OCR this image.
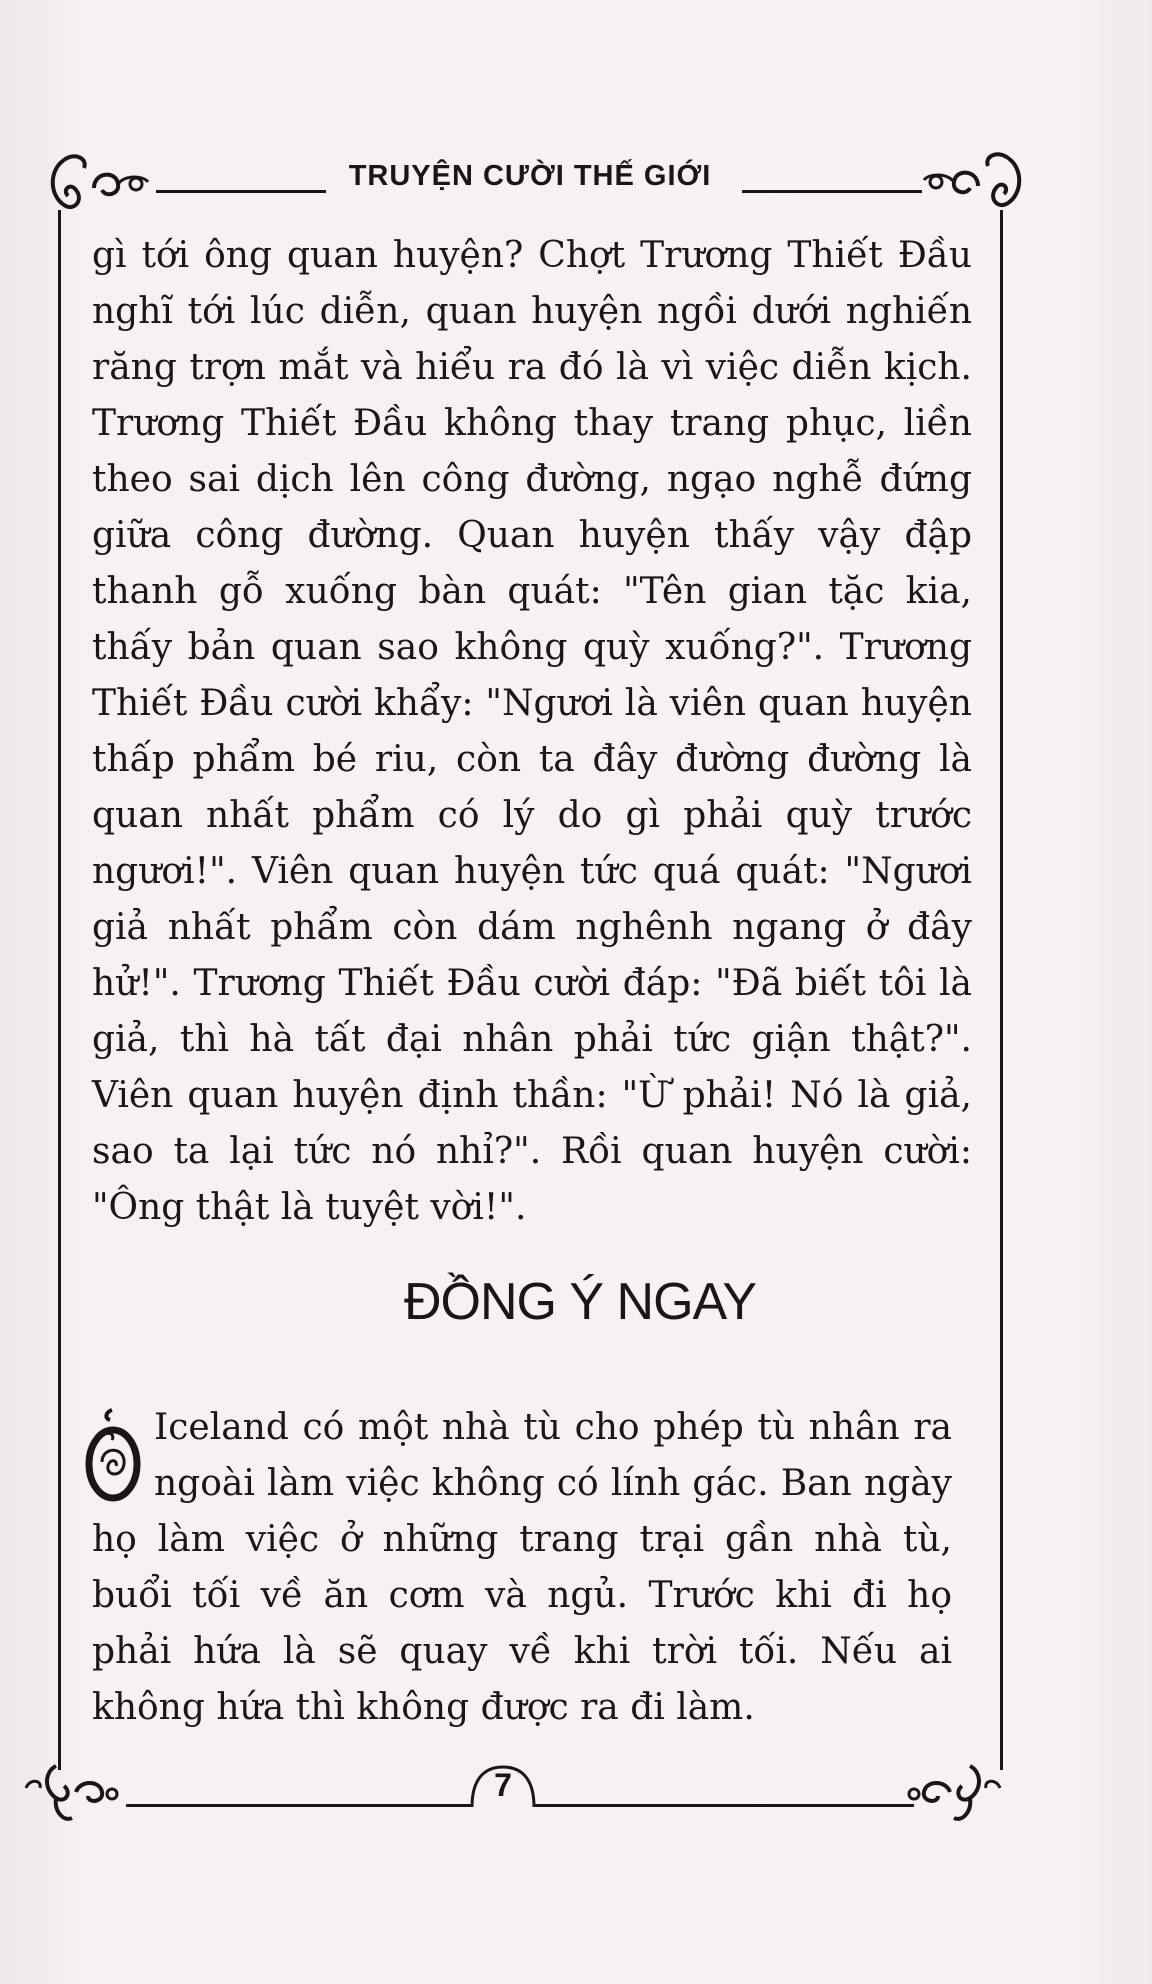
TRUYỆN CƯỜI THẾ GIỚI

gì tới ông quan huyện? Chợt Trương Thiết Đầu nghĩ tới lúc diễn, quan huyện ngồi dưới nghiến răng trợn mắt và hiểu ra đó là vì việc diễn kịch. Trương Thiết Đầu không thay trang phục, liền theo sai dịch lên công đường, ngạo nghễ đứng giữa công đường. Quan huyện thấy vậy đập thanh gỗ xuống bàn quát: "Tên gian tặc kia, thấy bản quan sao không quỳ xuống?". Trương Thiết Đầu cười khẩy: "Ngươi là viên quan huyện thấp phẩm bé riu, còn ta đây đường đường là quan nhất phẩm có lý do gì phải quỳ trước ngươi!". Viên quan huyện tức quá quát: "Ngươi giả nhất phẩm còn dám nghênh ngang ở đây hử!". Trương Thiết Đầu cười đáp: "Đã biết tôi là giả, thì hà tất đại nhân phải tức giận thật?". Viên quan huyện định thần: "Ừ phải! Nó là giả, sao ta lại tức nó nhỉ?". Rồi quan huyện cười: "Ông thật là tuyệt vời!".

ĐỒNG Ý NGAY

Iceland có một nhà tù cho phép tù nhân ra ngoài làm việc không có lính gác. Ban ngày họ làm việc ở những trang trại gần nhà tù, buổi tối về ăn cơm và ngủ. Trước khi đi họ phải hứa là sẽ quay về khi trời tối. Nếu ai không hứa thì không được ra đi làm.

7
